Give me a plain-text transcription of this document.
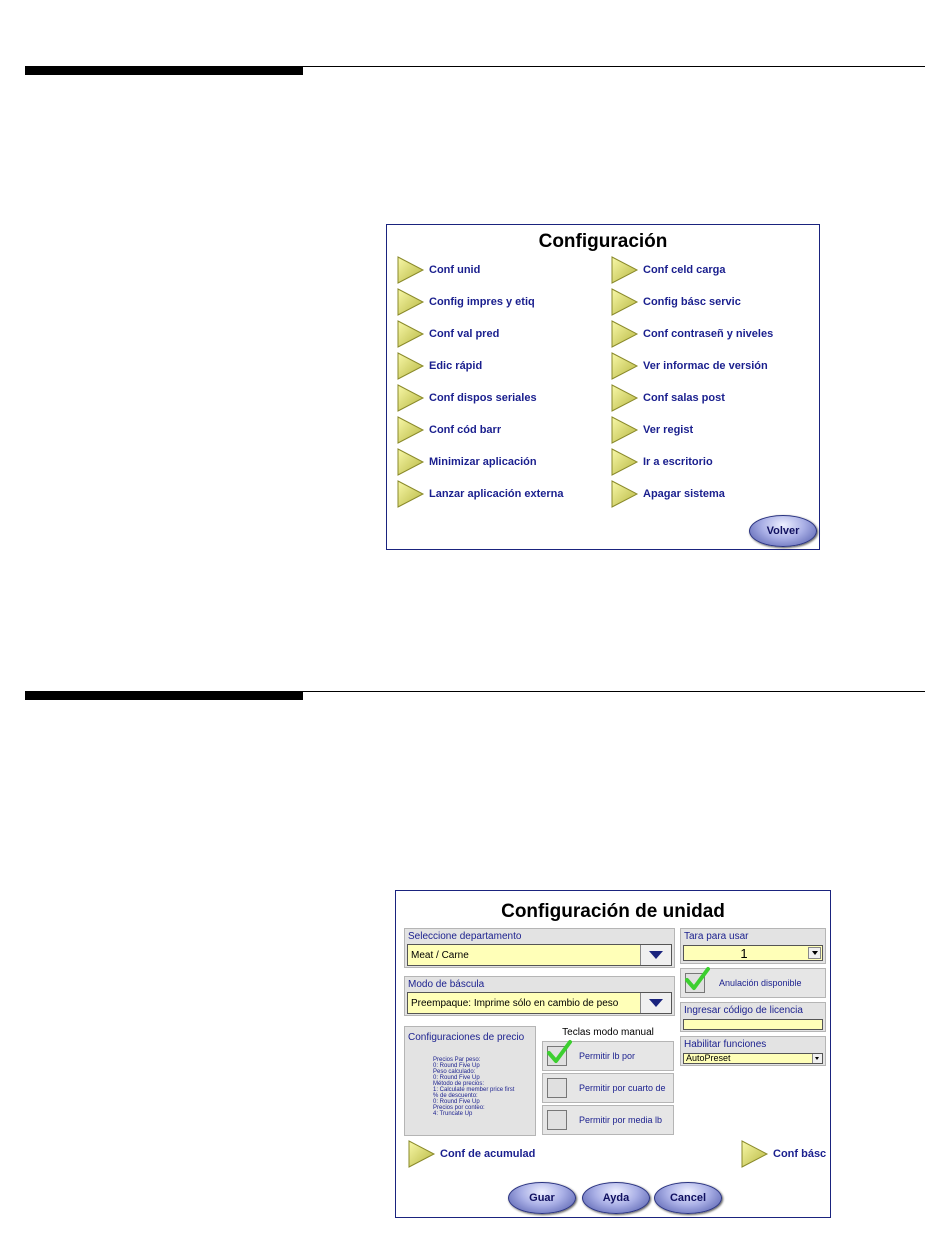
Configuración
Conf unid
Config impres y etiq
Conf val pred
Edic rápid
Conf dispos seriales
Conf cód barr
Minimizar aplicación
Lanzar aplicación externa
Conf celd carga
Config básc servic
Conf contraseñ y niveles
Ver informac de versión
Conf salas post
Ver regist
Ir a escritorio
Apagar sistema
Volver
Configuración de unidad
Seleccione departamento
Meat / Carne
Modo de báscula
Preempaque: Imprime sólo en cambio de peso
Configuraciones de precio
Precios Par peso:
0: Round Five Up
Peso calculado:
0: Round Five Up
Método de precios:
1: Calculate member price first
% de descuento:
0: Round Five Up
Precios por conteo:
4: Truncate Up
Teclas modo manual
Permitir lb por
Permitir por cuarto de
Permitir por media lb
Tara para usar
1
Anulación disponible
Ingresar código de licencia
Habilitar funciones
AutoPreset
Conf de acumulad	Conf básc
Guar	Ayda	Cancel
